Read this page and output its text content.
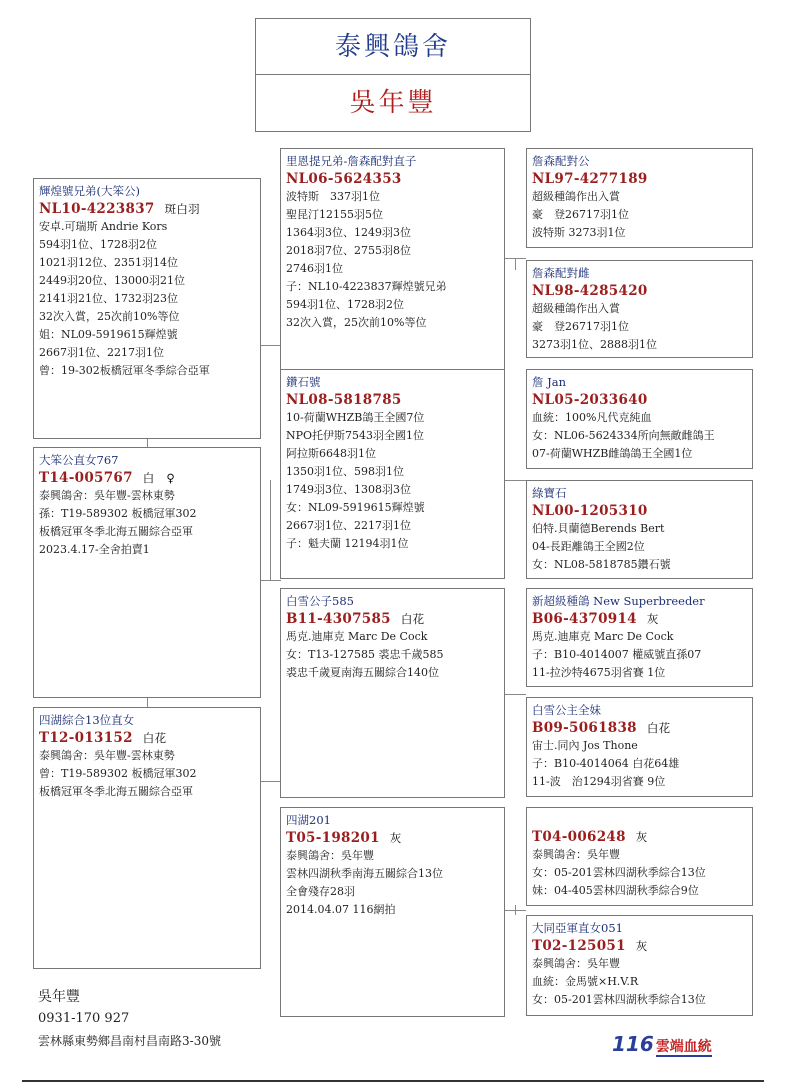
泰興鴿舍
吳年豐
輝煌號兄弟(大笨公)
NL10-4223837 斑白羽
安卓.可瑞斯 Andrie Kors
594羽1位、1728羽2位
1021羽12位、2351羽14位
2449羽20位、13000羽21位
2141羽21位、1732羽23位
32次入賞，25次前10%等位
姐：NL09-5919615輝煌號
2667羽1位、2217羽1位
曾：19-302板橋冠軍冬季綜合亞軍
大笨公直女767
T14-005767 白　♀
泰興鴿舍：吳年豐-雲林東勢
孫：T19-589302 板橋冠軍302
板橋冠軍冬季北海五關綜合亞軍
2023.4.17-全舍拍賣1
四湖綜合13位直女
T12-013152 白花
泰興鴿舍：吳年豐-雲林東勢
曾：T19-589302 板橋冠軍302
板橋冠軍冬季北海五關綜合亞軍
里恩提兄弟-詹森配對直子
NL06-5624353
波特斯　337羽1位
聖昆汀12155羽5位
1364羽3位、1249羽3位
2018羽7位、2755羽8位
2746羽1位
子：NL10-4223837輝煌號兄弟
594羽1位、1728羽2位
32次入賞，25次前10%等位
鑽石號
NL08-5818785
10-荷蘭WHZB鴿王全國7位
NPO托伊斯7543羽全國1位
阿拉斯6648羽1位
1350羽1位、598羽1位
1749羽3位、1308羽3位
女：NL09-5919615輝煌號
2667羽1位、2217羽1位
子：魁夫蘭 12194羽1位
白雪公子585
B11-4307585 白花
馬克.迪庫克 Marc De Cock
女：T13-127585 裘忠千歲585
裘忠千歲夏南海五關綜合140位
四湖201
T05-198201 灰
泰興鴿舍：吳年豐
雲林四湖秋季南海五關綜合13位
全會殘存28羽
2014.04.07 116網拍
詹森配對公
NL97-4277189
超級種鴿作出入賞
豪　登26717羽1位
波特斯 3273羽1位
詹森配對雌
NL98-4285420
超級種鴿作出入賞
豪　登26717羽1位
3273羽1位、2888羽1位
詹 Jan
NL05-2033640
血統：100%凡代克純血
女：NL06-5624334所向無敵雌鴿王
07-荷蘭WHZB雌鴿鴿王全國1位
綠寶石
NL00-1205310
伯特.貝蘭德Berends Bert
04-長距離鴿王全國2位
女：NL08-5818785鑽石號
新超級種鴿 New Superbreeder
B06-4370914 灰
馬克.迪庫克 Marc De Cock
子：B10-4014007 權威號直孫07
11-拉沙特4675羽省賽 1位
白雪公主全妹
B09-5061838 白花
宙士.同內 Jos Thone
子：B10-4014064 白花64雄
11-波　治1294羽省賽 9位
T04-006248 灰
泰興鴿舍：吳年豐
女：05-201雲林四湖秋季綜合13位
妹：04-405雲林四湖秋季綜合9位
大同亞軍直女051
T02-125051 灰
泰興鴿舍：吳年豐
血統：金馬號×H.V.R
女：05-201雲林四湖秋季綜合13位
吳年豐
0931-170 927
雲林縣東勢鄉昌南村昌南路3-30號	116 雲端血統
